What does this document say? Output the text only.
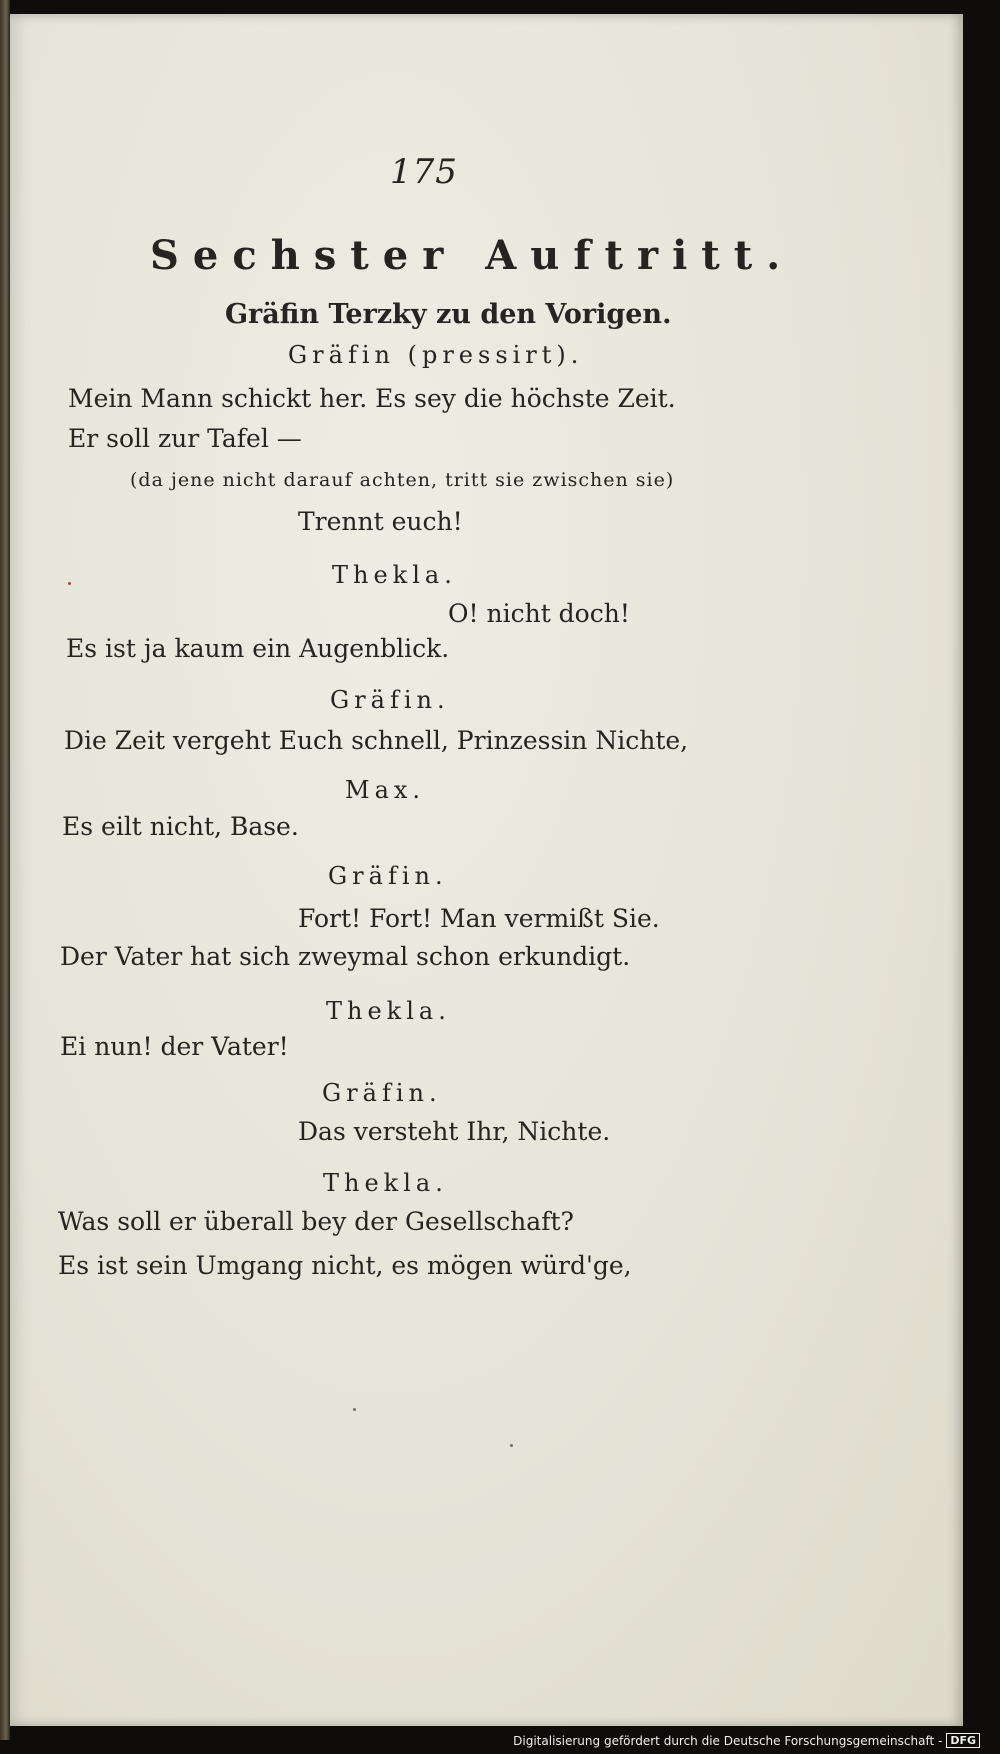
175
Sechster Auftritt.
Gräfin Terzky zu den Vorigen.
Gräfin (pressirt).
Mein Mann schickt her. Es sey die höchste Zeit.
Er soll zur Tafel —
(da jene nicht darauf achten, tritt sie zwischen sie)
Trennt euch!
Thekla.
O! nicht doch!
Es ist ja kaum ein Augenblick.
Gräfin.
Die Zeit vergeht Euch schnell, Prinzessin Nichte,
Max.
Es eilt nicht, Base.
Gräfin.
Fort! Fort! Man vermißt Sie.
Der Vater hat sich zweymal schon erkundigt.
Thekla.
Ei nun! der Vater!
Gräfin.
Das versteht Ihr, Nichte.
Thekla.
Was soll er überall bey der Gesellschaft?
Es ist sein Umgang nicht, es mögen würd'ge,
Digitalisierung gefördert durch die Deutsche Forschungsgemeinschaft - DFG
